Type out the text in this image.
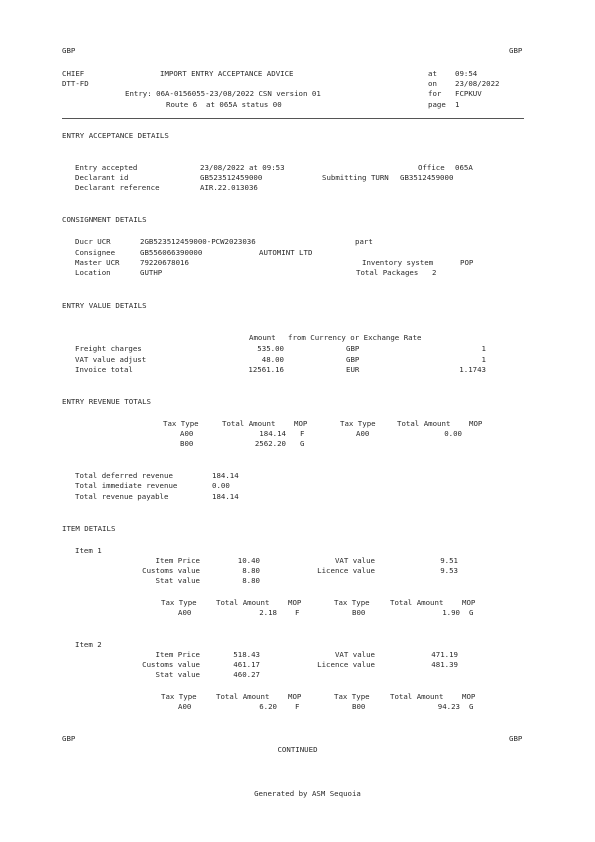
GBP	GBP
CHIEF
DTT-FD
IMPORT ENTRY ACCEPTANCE ADVICE
Entry: 06A-0156055-23/08/2022 CSN version 01
Route 6  at 065A status 00
at 09:54
on 23/08/2022
for FCPKUV
page 1
ENTRY ACCEPTANCE DETAILS
Entry accepted	23/08/2022 at 09:53	Office 065A
Declarant id	GB523512459000	Submitting TURN GB3512459000
Declarant reference	AIR.22.013036
CONSIGNMENT DETAILS
Ducr UCR	2GB523512459000-PCW2023036	part
Consignee	GB556066390000	AUTOMINT LTD
Master UCR	79220678016	Inventory system	POP
Location	GUTHP	Total Packages 2
ENTRY VALUE DETAILS
Amount from Currency or Exchange Rate
Freight charges	535.00	GBP	1
VAT value adjust	48.00	GBP	1
Invoice total	12561.16	EUR	1.1743
ENTRY REVENUE TOTALS
Tax Type	Total Amount	MOP	Tax Type	Total Amount	MOP
A00	184.14 F	A00	0.00
B00	2562.20 G
Total deferred revenue	184.14
Total immediate revenue	0.00
Total revenue payable	184.14
ITEM DETAILS
Item 1
Item Price	10.40	VAT value	9.51
Customs value	8.80	Licence value	9.53
Stat value	8.80
Tax Type	Total Amount	MOP	Tax Type	Total Amount	MOP
A00	2.18 F	B00	1.90 G
Item 2
Item Price	518.43	VAT value	471.19
Customs value	461.17	Licence value	481.39
Stat value	460.27
Tax Type	Total Amount	MOP	Tax Type	Total Amount	MOP
A00	6.20 F	B00	94.23 G
GBP	GBP
CONTINUED
Generated by ASM Sequoia
